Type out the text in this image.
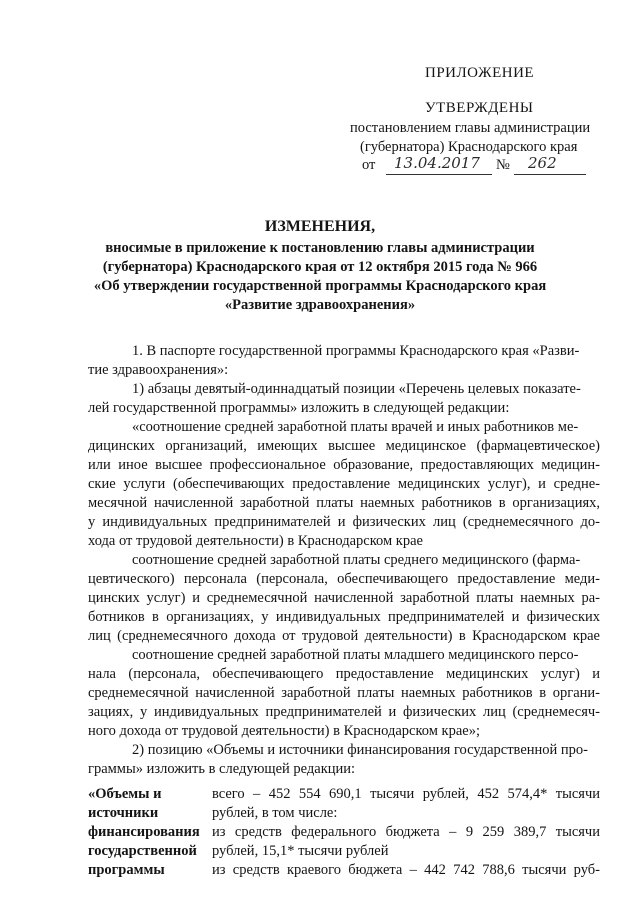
ПРИЛОЖЕНИЕ
УТВЕРЖДЕНЫ
постановлением главы администрации
(губернатора) Краснодарского края
от 13.04.2017 № 262
ИЗМЕНЕНИЯ,
вносимые в приложение к постановлению главы администрации
(губернатора) Краснодарского края от 12 октября 2015 года № 966
«Об утверждении государственной программы Краснодарского края
«Развитие здравоохранения»
1. В паспорте государственной программы Краснодарского края «Разви-
тие здравоохранения»:
1) абзацы девятый-одиннадцатый позиции «Перечень целевых показате-
лей государственной программы» изложить в следующей редакции:
«соотношение средней заработной платы врачей и иных работников ме-
дицинских организаций, имеющих высшее медицинское (фармацевтическое)
или иное высшее профессиональное образование, предоставляющих медицин-
ские услуги (обеспечивающих предоставление медицинских услуг), и средне-
месячной начисленной заработной платы наемных работников в организациях,
у индивидуальных предпринимателей и физических лиц (среднемесячного до-
хода от трудовой деятельности) в Краснодарском крае
соотношение средней заработной платы среднего медицинского (фарма-
цевтического) персонала (персонала, обеспечивающего предоставление меди-
цинских услуг) и среднемесячной начисленной заработной платы наемных ра-
ботников в организациях, у индивидуальных предпринимателей и физических
лиц (среднемесячного дохода от трудовой деятельности) в Краснодарском крае
соотношение средней заработной платы младшего медицинского персо-
нала (персонала, обеспечивающего предоставление медицинских услуг) и
среднемесячной начисленной заработной платы наемных работников в органи-
зациях, у индивидуальных предпринимателей и физических лиц (среднемесяч-
ного дохода от трудовой деятельности) в Краснодарском крае»;
2) позицию «Объемы и источники финансирования государственной про-
граммы» изложить в следующей редакции:
«Объемы и
источники
финансирования
государственной
программы
всего – 452 554 690,1 тысячи рублей, 452 574,4* тысячи
рублей, в том числе:
из средств федерального бюджета – 9 259 389,7 тысячи
рублей, 15,1* тысячи рублей
из средств краевого бюджета – 442 742 788,6 тысячи руб-
